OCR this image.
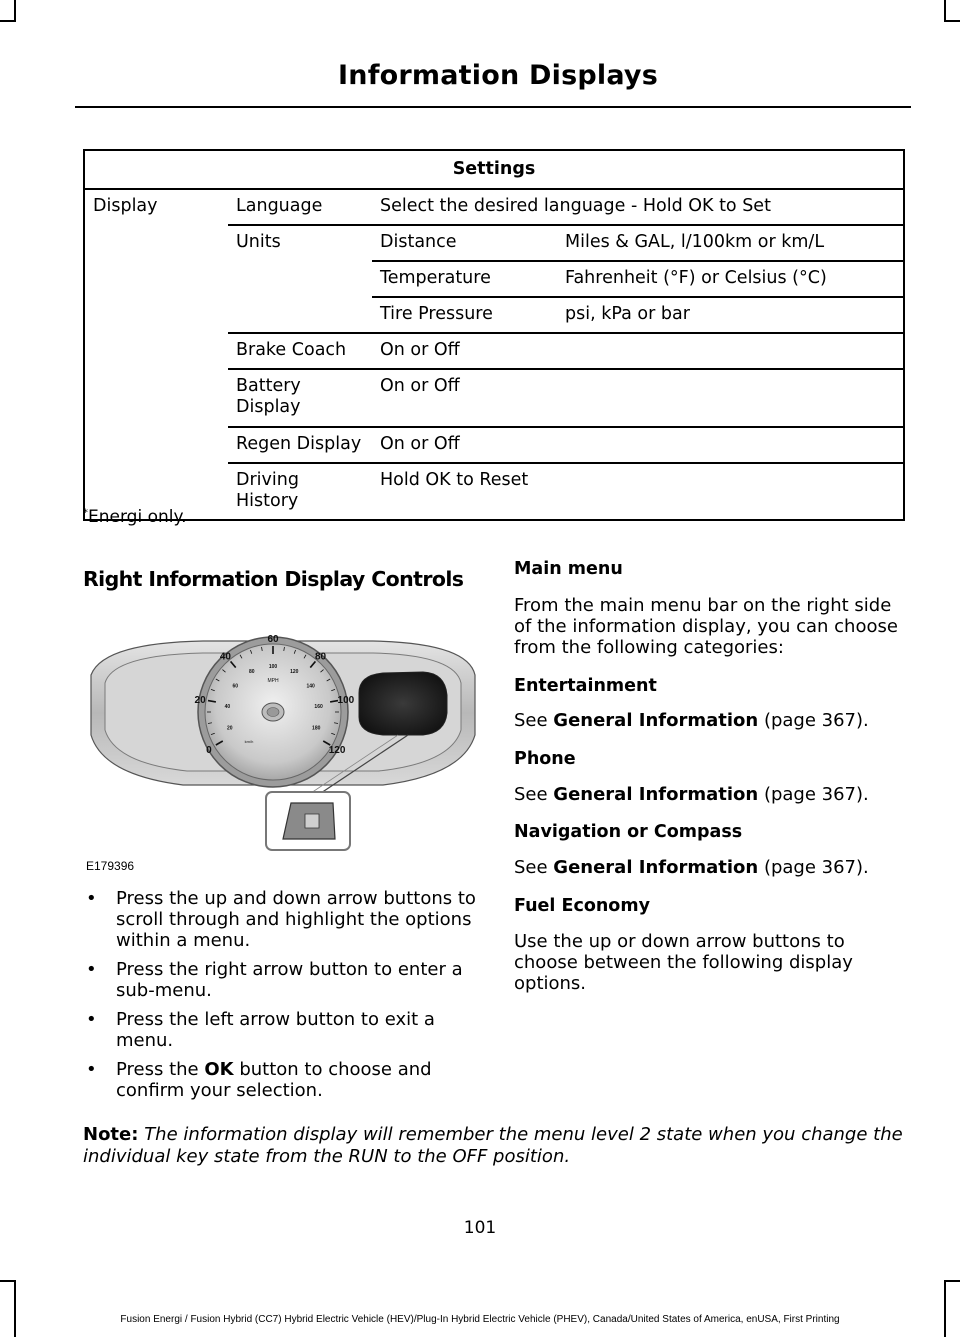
Information Displays
Settings			
Display	Language	Select the desired language - Hold OK to Set	
	Units	Distance	Miles & GAL, l/100km or km/L
		Temperature	Fahrenheit (°F) or Celsius (°C)
		Tire Pressure	psi, kPa or bar
	Brake Coach	On or Off	
	Battery Display	On or Off	
	Regen Display	On or Off	
	Driving History	Hold OK to Reset	
*Energi only.
Right Information Display Controls
0
20
40
60
80
100
120
20
40
60
80
100
120
140
160
180
MPH
km/h
E179396
• Press the up and down arrow buttons to scroll through and highlight the options within a menu.
• Press the right arrow button to enter a sub-menu.
• Press the left arrow button to exit a menu.
• Press the OK button to choose and confirm your selection.
Main menu
From the main menu bar on the right side of the information display, you can choose from the following categories:
Entertainment
See General Information (page 367).
Phone
See General Information (page 367).
Navigation or Compass
See General Information (page 367).
Fuel Economy
Use the up or down arrow buttons to choose between the following display options.
Note: The information display will remember the menu level 2 state when you change the individual key state from the RUN to the OFF position.
101
Fusion Energi / Fusion Hybrid (CC7) Hybrid Electric Vehicle (HEV)/Plug-In Hybrid Electric Vehicle (PHEV), Canada/United States of America, enUSA, First Printing
